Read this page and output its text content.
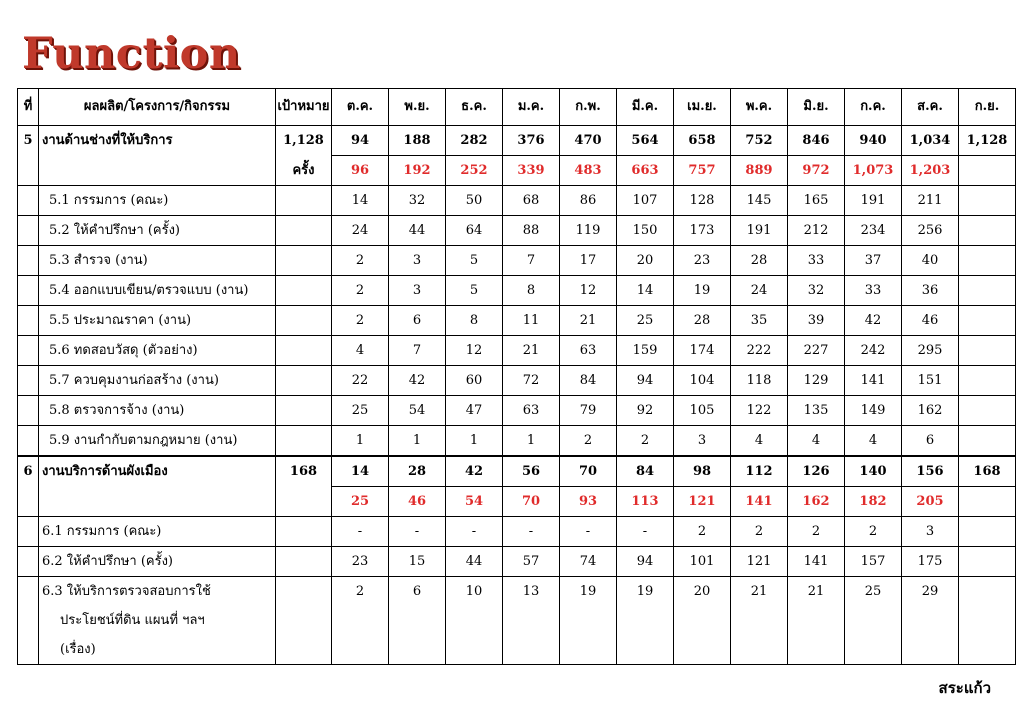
Function
ที่	ผลผลิต/โครงการ/กิจกรรม	เป้าหมาย	ต.ค.	พ.ย.	ธ.ค.	ม.ค.	ก.พ.	มี.ค.	เม.ย.	พ.ค.	มิ.ย.	ก.ค.	ส.ค.	ก.ย.
5	งานด้านช่างที่ให้บริการ	1,128	94	188	282	376	470	564	658	752	846	940	1,034	1,128
		ครั้ง	96	192	252	339	483	663	757	889	972	1,073	1,203	
	5.1 กรรมการ (คณะ)		14	32	50	68	86	107	128	145	165	191	211	
	5.2 ให้คำปรึกษา (ครั้ง)		24	44	64	88	119	150	173	191	212	234	256	
	5.3 สำรวจ (งาน)		2	3	5	7	17	20	23	28	33	37	40	
	5.4 ออกแบบเขียน/ตรวจแบบ (งาน)		2	3	5	8	12	14	19	24	32	33	36	
	5.5 ประมาณราคา (งาน)		2	6	8	11	21	25	28	35	39	42	46	
	5.6 ทดสอบวัสดุ (ตัวอย่าง)		4	7	12	21	63	159	174	222	227	242	295	
	5.7 ควบคุมงานก่อสร้าง (งาน)		22	42	60	72	84	94	104	118	129	141	151	
	5.8 ตรวจการจ้าง (งาน)		25	54	47	63	79	92	105	122	135	149	162	
	5.9 งานกำกับตามกฎหมาย (งาน)		1	1	1	1	2	2	3	4	4	4	6	
6	งานบริการด้านผังเมือง	168	14	28	42	56	70	84	98	112	126	140	156	168
			25	46	54	70	93	113	121	141	162	182	205	
	6.1 กรรมการ (คณะ)		-	-	-	-	-	-	2	2	2	2	3	
	6.2 ให้คำปรึกษา (ครั้ง)		23	15	44	57	74	94	101	121	141	157	175	

	6.3 ให้บริการตรวจสอบการใช้
ประโยชน์ที่ดิน แผนที่ ฯลฯ
(เรื่อง)		2	6	10	13	19	19	20	21	21	25	29	
สระแก้ว
